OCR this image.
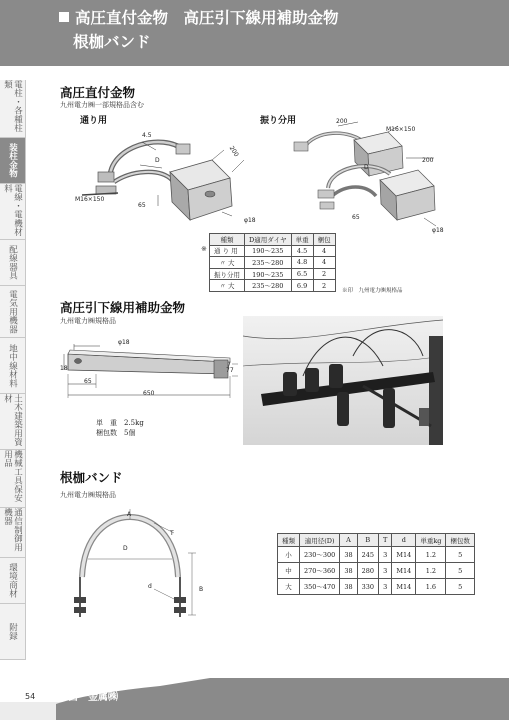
高圧直付金物　高圧引下線用補助金物
根枷バンド
電柱・各種柱類
装柱金物
電線・電機材料
配線器具
電気用機器
地中線材料
土木建築用資材
機械工具保安用品
通信制御用機器
環境商材
附録
高圧直付金物
九州電力㈱一部規格品含む
通り用	振り分用
4.5
200
D
M16×150
65
φ18
200
M16×150
200
D
65
φ18
※
種類	D適用ダイヤ	単重	梱包
通 り 用	190～235	4.5	4
〃 大	235～280	4.8	4
振り分用	190～235	6.5	2
〃 大	235～280	6.9	2
※印　九州電力㈱規格品
高圧引下線用補助金物
九州電力㈱規格品
φ18
18	77
65
650
単　重　2.5kg
梱包数　5個
根枷バンド
九州電力㈱規格品
A
T
D
d	B
種類	適用径(D)	A	B	T	d	単重kg	梱包数
小	230～300	38	245	3	M14	1.2	5
中	270～360	38	280	3	M14	1.2	5
大	350～470	38	330	3	M14	1.6	5
54	昌一金属㈱
